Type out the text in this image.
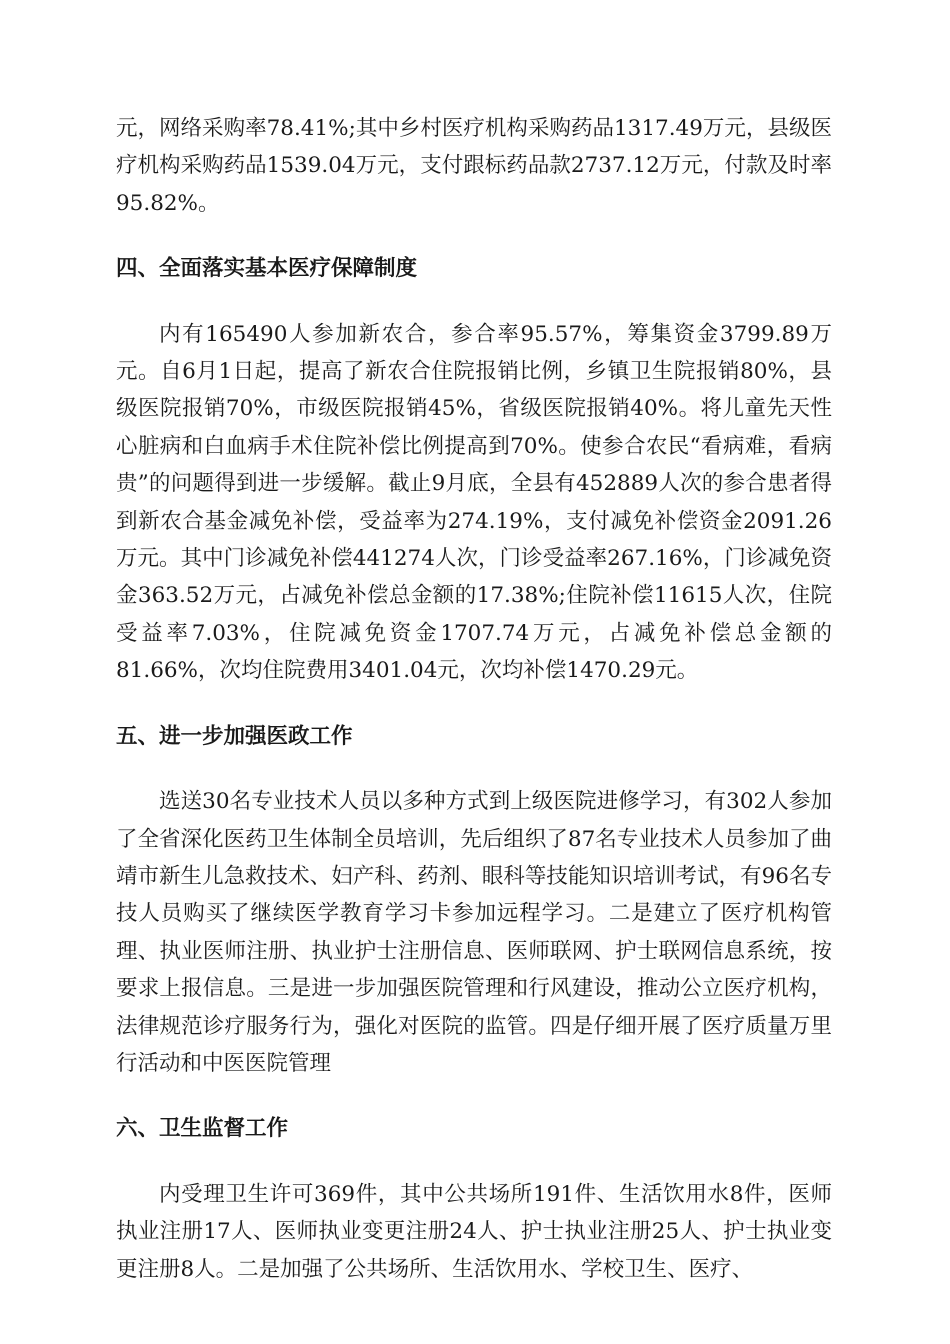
元，网络采购率78.41%;其中乡村医疗机构采购药品1317.49万元，县级医疗机构采购药品1539.04万元，支付跟标药品款2737.12万元，付款及时率95.82%。

四、全面落实基本医疗保障制度

内有165490人参加新农合，参合率95.57%，筹集资金3799.89万元。自6月1日起，提高了新农合住院报销比例，乡镇卫生院报销80%，县级医院报销70%，市级医院报销45%，省级医院报销40%。将儿童先天性心脏病和白血病手术住院补偿比例提高到70%。使参合农民“看病难，看病贵”的问题得到进一步缓解。截止9月底，全县有452889人次的参合患者得到新农合基金减免补偿，受益率为274.19%，支付减免补偿资金2091.26万元。其中门诊减免补偿441274人次，门诊受益率267.16%，门诊减免资金363.52万元，占减免补偿总金额的17.38%;住院补偿11615人次，住院受益率7.03%，住院减免资金1707.74万元，占减免补偿总金额的81.66%，次均住院费用3401.04元，次均补偿1470.29元。

五、进一步加强医政工作

选送30名专业技术人员以多种方式到上级医院进修学习，有302人参加了全省深化医药卫生体制全员培训，先后组织了87名专业技术人员参加了曲靖市新生儿急救技术、妇产科、药剂、眼科等技能知识培训考试，有96名专技人员购买了继续医学教育学习卡参加远程学习。二是建立了医疗机构管理、执业医师注册、执业护士注册信息、医师联网、护士联网信息系统，按要求上报信息。三是进一步加强医院管理和行风建设，推动公立医疗机构，法律规范诊疗服务行为，强化对医院的监管。四是仔细开展了医疗质量万里行活动和中医医院管理

六、卫生监督工作

内受理卫生许可369件，其中公共场所191件、生活饮用水8件，医师执业注册17人、医师执业变更注册24人、护士执业注册25人、护士执业变更注册8人。二是加强了公共场所、生活饮用水、学校卫生、医疗、
